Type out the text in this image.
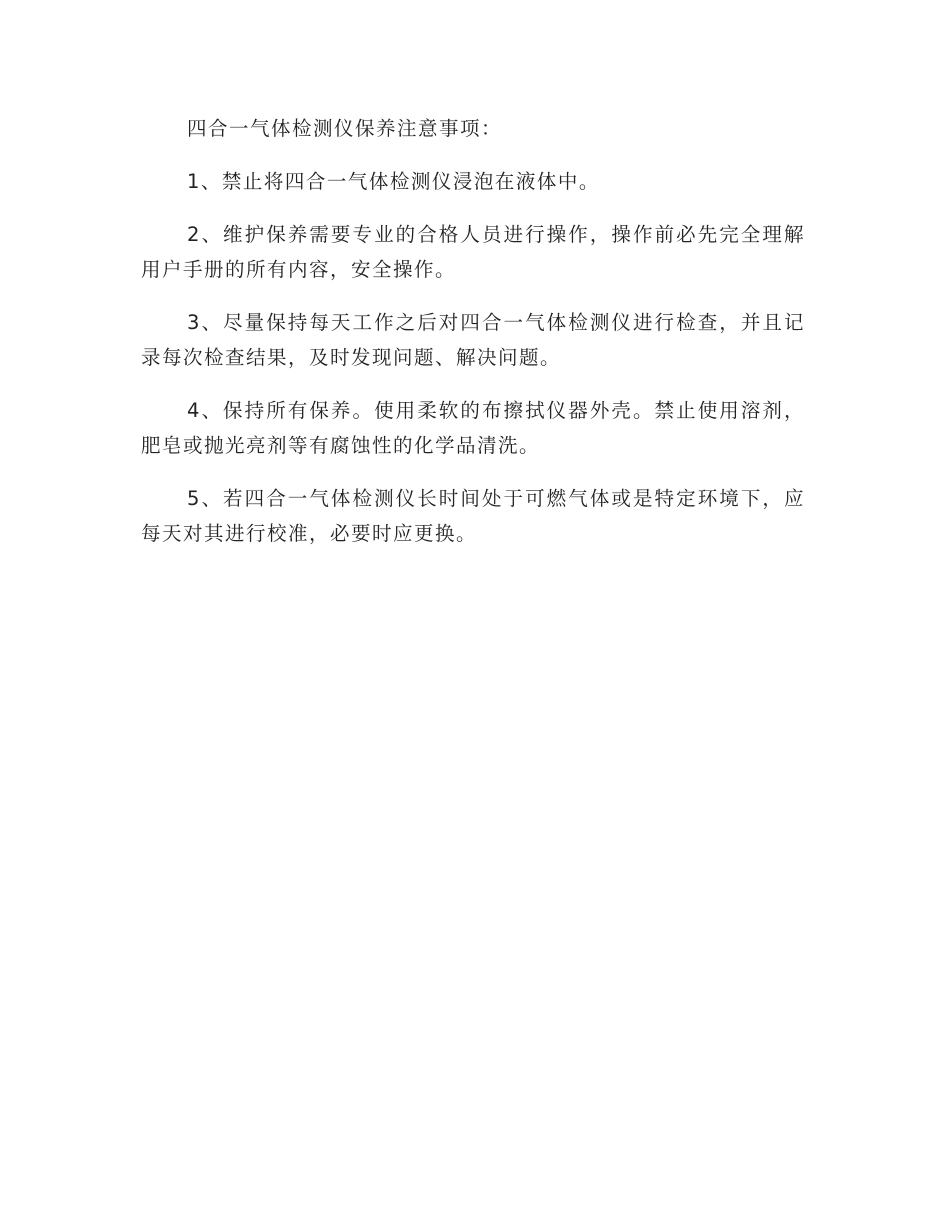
四合一气体检测仪保养注意事项：

1、禁止将四合一气体检测仪浸泡在液体中。

2、维护保养需要专业的合格人员进行操作，操作前必先完全理解用户手册的所有内容，安全操作。

3、尽量保持每天工作之后对四合一气体检测仪进行检查，并且记录每次检查结果，及时发现问题、解决问题。

4、保持所有保养。使用柔软的布擦拭仪器外壳。禁止使用溶剂，肥皂或抛光亮剂等有腐蚀性的化学品清洗。

5、若四合一气体检测仪长时间处于可燃气体或是特定环境下，应每天对其进行校准，必要时应更换。
